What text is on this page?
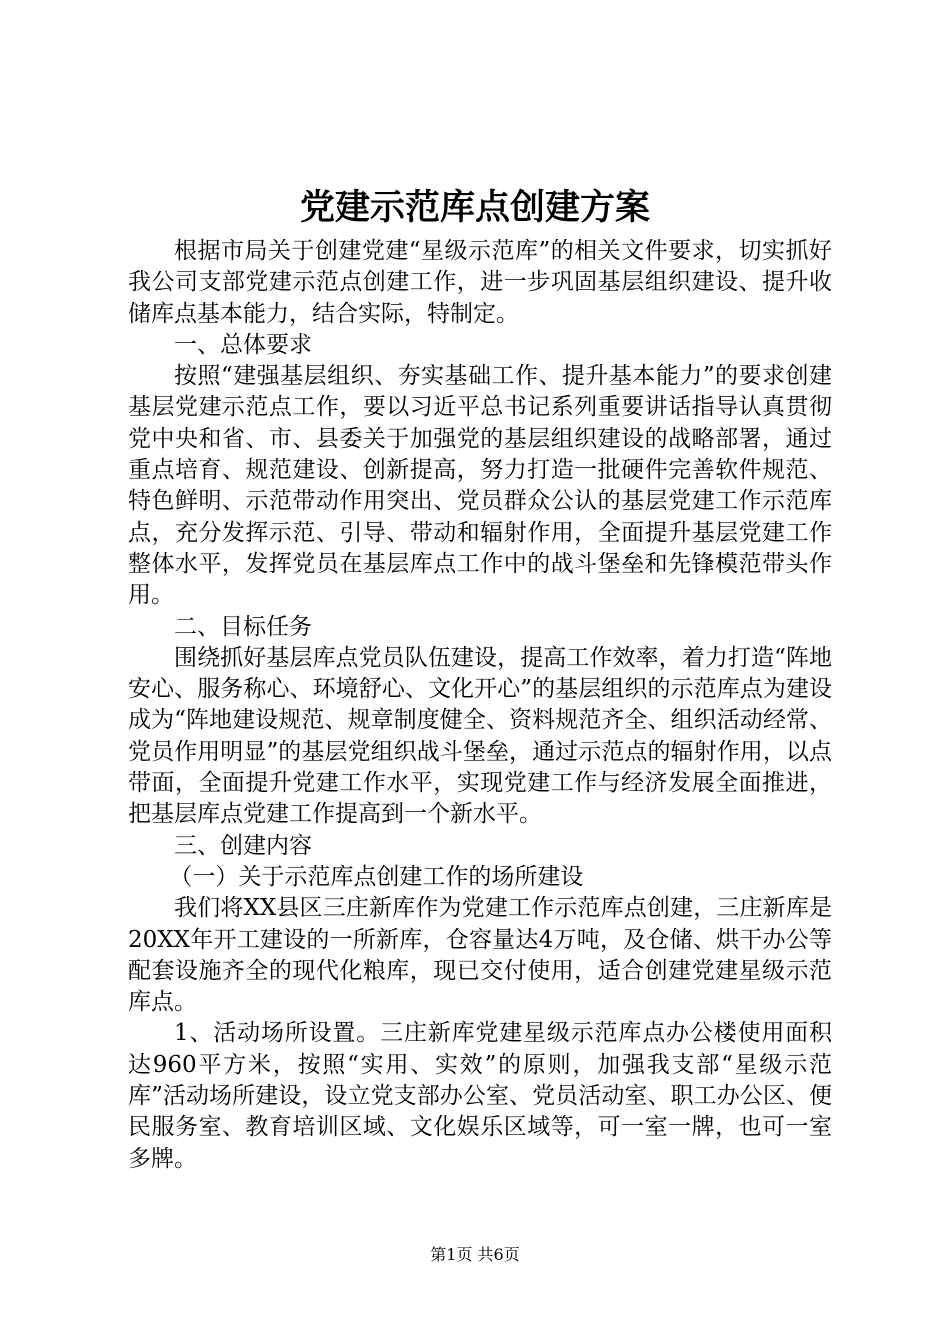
党建示范库点创建方案

根据市局关于创建党建“星级示范库”的相关文件要求，切实抓好我公司支部党建示范点创建工作，进一步巩固基层组织建设、提升收储库点基本能力，结合实际，特制定。

一、总体要求

按照“建强基层组织、夯实基础工作、提升基本能力”的要求创建基层党建示范点工作，要以习近平总书记系列重要讲话指导认真贯彻党中央和省、市、县委关于加强党的基层组织建设的战略部署，通过重点培育、规范建设、创新提高，努力打造一批硬件完善软件规范、特色鲜明、示范带动作用突出、党员群众公认的基层党建工作示范库点，充分发挥示范、引导、带动和辐射作用，全面提升基层党建工作整体水平，发挥党员在基层库点工作中的战斗堡垒和先锋模范带头作用。

二、目标任务

围绕抓好基层库点党员队伍建设，提高工作效率，着力打造“阵地安心、服务称心、环境舒心、文化开心”的基层组织的示范库点为建设成为“阵地建设规范、规章制度健全、资料规范齐全、组织活动经常、党员作用明显”的基层党组织战斗堡垒，通过示范点的辐射作用，以点带面，全面提升党建工作水平，实现党建工作与经济发展全面推进，把基层库点党建工作提高到一个新水平。

三、创建内容

（一）关于示范库点创建工作的场所建设

我们将XX县区三庄新库作为党建工作示范库点创建，三庄新库是20XX年开工建设的一所新库，仓容量达4万吨，及仓储、烘干办公等配套设施齐全的现代化粮库，现已交付使用，适合创建党建星级示范库点。

1、活动场所设置。三庄新库党建星级示范库点办公楼使用面积达960平方米，按照“实用、实效”的原则，加强我支部“星级示范库”活动场所建设，设立党支部办公室、党员活动室、职工办公区、便民服务室、教育培训区域、文化娱乐区域等，可一室一牌，也可一室多牌。

第1页 共6页
